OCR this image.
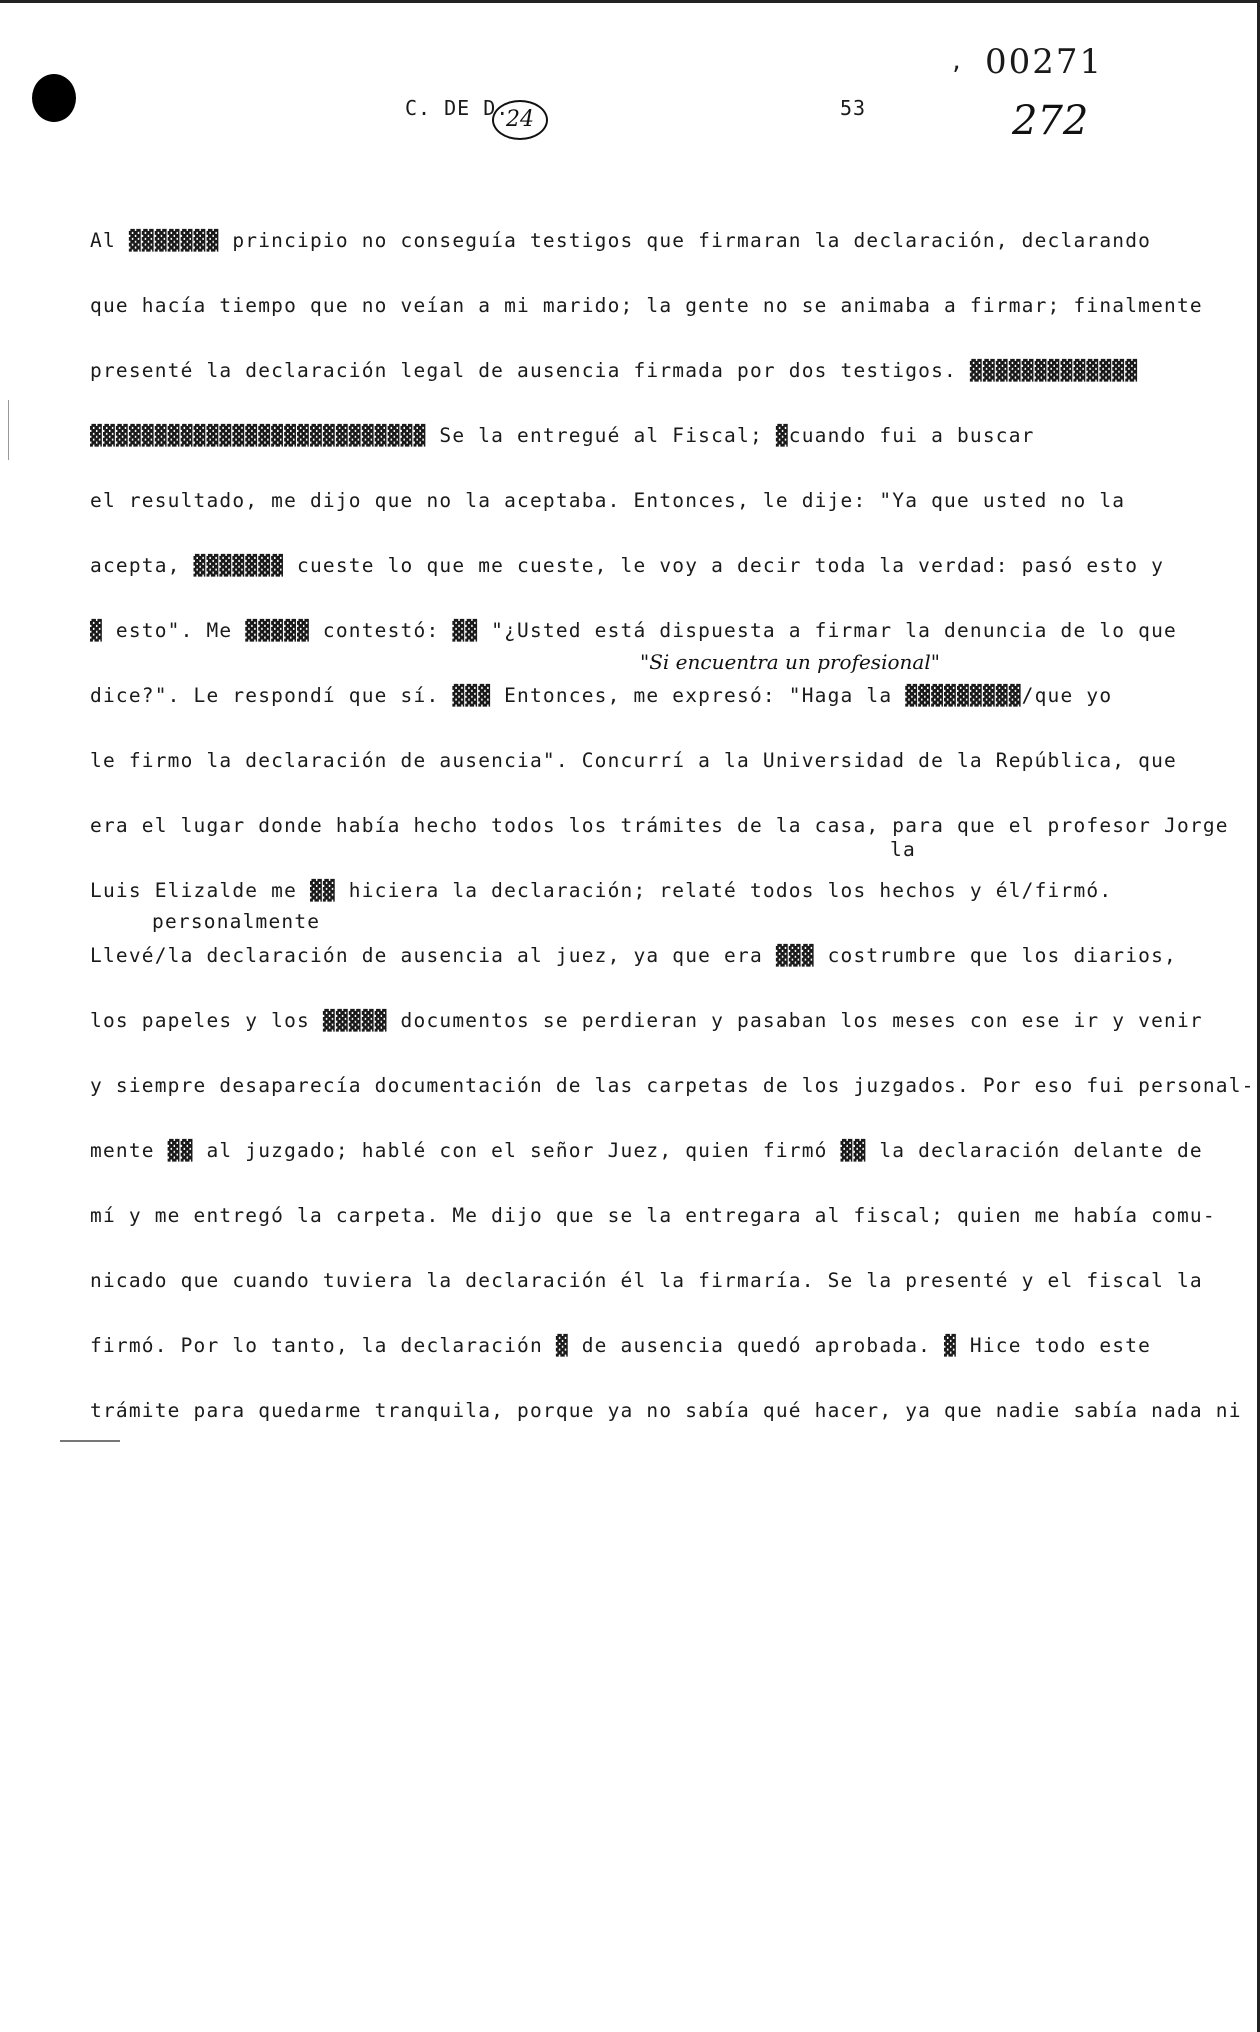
C. DE D.
24	53
, 00271
272
Al ▓▓▓▓▓▓▓ principio no conseguía testigos que firmaran la declaración, declarando
que hacía tiempo que no veían a mi marido; la gente no se animaba a firmar; finalmente
presenté la declaración legal de ausencia firmada por dos testigos. ▓▓▓▓▓▓▓▓▓▓▓▓▓
▓▓▓▓▓▓▓▓▓▓▓▓▓▓▓▓▓▓▓▓▓▓▓▓▓▓ Se la entregué al Fiscal; ▓cuando fui a buscar
el resultado, me dijo que no la aceptaba. Entonces, le dije: "Ya que usted no la
acepta, ▓▓▓▓▓▓▓ cueste lo que me cueste, le voy a decir toda la verdad: pasó esto y
▓ esto". Me ▓▓▓▓▓ contestó: ▓▓ "¿Usted está dispuesta a firmar la denuncia de lo que
"Si encuentra un profesional"
dice?". Le respondí que sí. ▓▓▓ Entonces, me expresó: "Haga la ▓▓▓▓▓▓▓▓▓/que yo
le firmo la declaración de ausencia". Concurrí a la Universidad de la República, que
era el lugar donde había hecho todos los trámites de la casa, para que el profesor Jorge
la
Luis Elizalde me ▓▓ hiciera la declaración; relaté todos los hechos y él/firmó.
personalmente
Llevé/la declaración de ausencia al juez, ya que era ▓▓▓ costrumbre que los diarios,
los papeles y los ▓▓▓▓▓ documentos se perdieran y pasaban los meses con ese ir y venir
y siempre desaparecía documentación de las carpetas de los juzgados. Por eso fui personal-
mente ▓▓ al juzgado; hablé con el señor Juez, quien firmó ▓▓ la declaración delante de
mí y me entregó la carpeta. Me dijo que se la entregara al fiscal; quien me había comu-
nicado que cuando tuviera la declaración él la firmaría. Se la presenté y el fiscal la
firmó. Por lo tanto, la declaración ▓ de ausencia quedó aprobada. ▓ Hice todo este
trámite para quedarme tranquila, porque ya no sabía qué hacer, ya que nadie sabía nada ni
